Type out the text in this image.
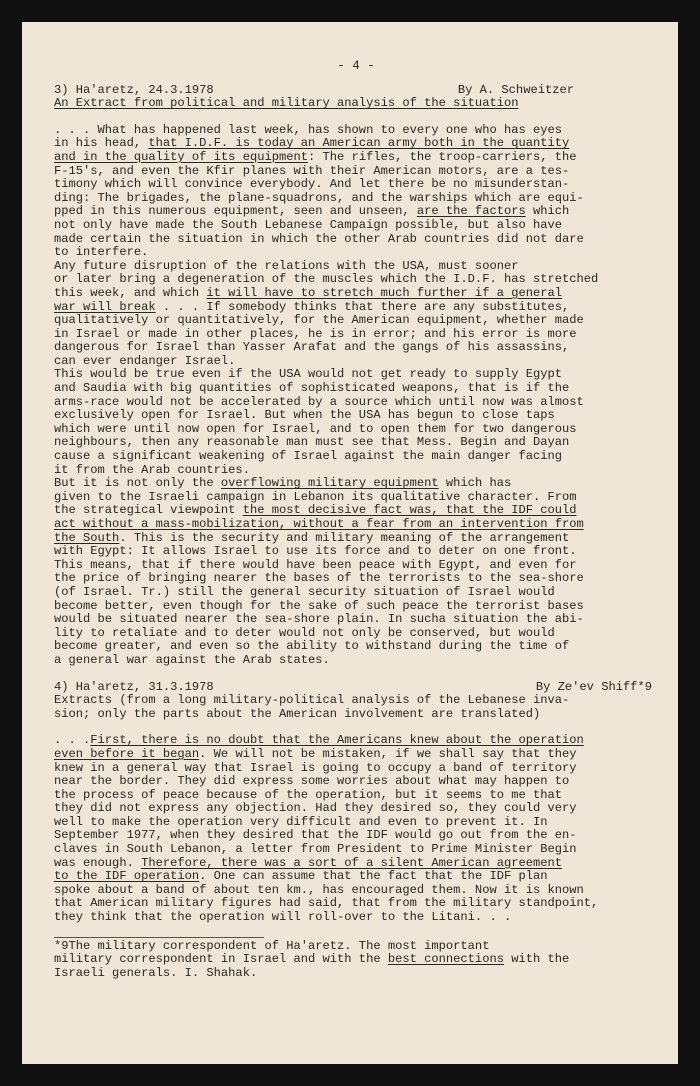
- 4 -
3) Ha'aretz, 24.3.1978	By A. Schweitzer
An Extract from political and military analysis of the situation

. . . What has happened last week, has shown to every one who has eyes
in his head, that I.D.F. is today an American army both in the quantity
and in the quality of its equipment: The rifles, the troop-carriers, the
F-15's, and even the Kfir planes with their American motors, are a tes-
timony which will convince everybody. And let there be no misunderstan-
ding: The brigades, the plane-squadrons, and the warships which are equi-
pped in this numerous equipment, seen and unseen, are the factors which
not only have made the South Lebanese Campaign possible, but also have
made certain the situation in which the other Arab countries did not dare
to interfere.

Any future disruption of the relations with the USA, must sooner
or later bring a degeneration of the muscles which the I.D.F. has stretched
this week, and which it will have to stretch much further if a general
war will break . . . If somebody thinks that there are any substitutes,
qualitatively or quantitatively, for the American equipment, whether made
in Israel or made in other places, he is in error; and his error is more
dangerous for Israel than Yasser Arafat and the gangs of his assassins,
can ever endanger Israel.
This would be true even if the USA would not get ready to supply Egypt
and Saudia with big quantities of sophisticated weapons, that is if the
arms-race would not be accelerated by a source which until now was almost
exclusively open for Israel. But when the USA has begun to close taps
which were until now open for Israel, and to open them for two dangerous
neighbours, then any reasonable man must see that Mess. Begin and Dayan
cause a significant weakening of Israel against the main danger facing
it from the Arab countries.

But it is not only the overflowing military equipment which has
given to the Israeli campaign in Lebanon its qualitative character. From
the strategical viewpoint the most decisive fact was, that the IDF could
act without a mass-mobilization, without a fear from an intervention from
the South. This is the security and military meaning of the arrangement
with Egypt: It allows Israel to use its force and to deter on one front.
This means, that if there would have been peace with Egypt, and even for
the price of bringing nearer the bases of the terrorists to the sea-shore
(of Israel. Tr.) still the general security situation of Israel would
become better, even though for the sake of such peace the terrorist bases
would be situated nearer the sea-shore plain. In sucha situation the abi-
lity to retaliate and to deter would not only be conserved, but would
become greater, and even so the ability to withstand during the time of
a general war against the Arab states.

4) Ha'aretz, 31.3.1978	By Ze'ev Shiff*9

Extracts (from a long military-political analysis of the Lebanese inva-
sion; only the parts about the American involvement are translated)

. . .First, there is no doubt that the Americans knew about the operation
even before it began. We will not be mistaken, if we shall say that they
knew in a general way that Israel is going to occupy a band of territory
near the border. They did express some worries about what may happen to
the process of peace because of the operation, but it seems to me that
they did not express any objection. Had they desired so, they could very
well to make the operation very difficult and even to prevent it. In
September 1977, when they desired that the IDF would go out from the en-
claves in South Lebanon, a letter from President to Prime Minister Begin
was enough. Therefore, there was a sort of a silent American agreement
to the IDF operation. One can assume that the fact that the IDF plan
spoke about a band of about ten km., has encouraged them. Now it is known
that American military figures had said, that from the military standpoint,
they think that the operation will roll-over to the Litani. . .

*9The military correspondent of Ha'aretz. The most important
military correspondent in Israel and with the best connections with the
Israeli generals. I. Shahak.
